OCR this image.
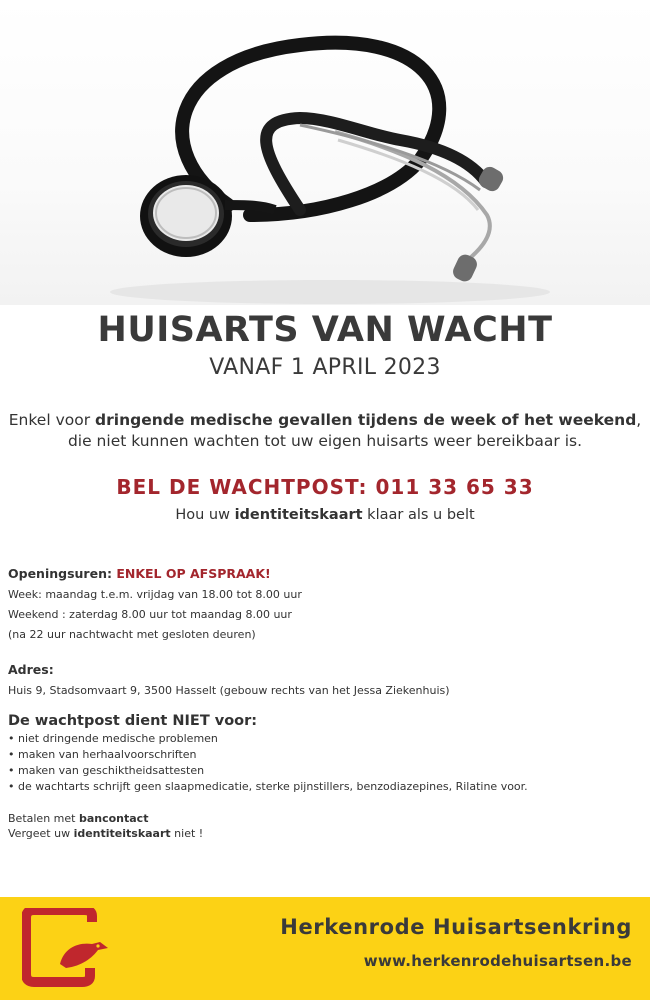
HUISARTS VAN WACHT
VANAF 1 APRIL 2023
Enkel voor dringende medische gevallen tijdens de week of het weekend,
die niet kunnen wachten tot uw eigen huisarts weer bereikbaar is.
BEL DE WACHTPOST: 011 33 65 33
Hou uw identiteitskaart klaar als u belt
Openingsuren: ENKEL OP AFSPRAAK!
Week: maandag t.e.m. vrijdag van 18.00 tot 8.00 uur
Weekend : zaterdag 8.00 uur tot maandag 8.00 uur
(na 22 uur nachtwacht met gesloten deuren)
Adres:
Huis 9, Stadsomvaart 9, 3500 Hasselt (gebouw rechts van het Jessa Ziekenhuis)
De wachtpost dient NIET voor:
• niet dringende medische problemen
• maken van herhaalvoorschriften
• maken van geschiktheidsattesten
• de wachtarts schrijft geen slaapmedicatie, sterke pijnstillers, benzodiazepines, Rilatine voor.
Betalen met bancontact
Vergeet uw identiteitskaart niet !
Herkenrode Huisartsenkring
www.herkenrodehuisartsen.be
